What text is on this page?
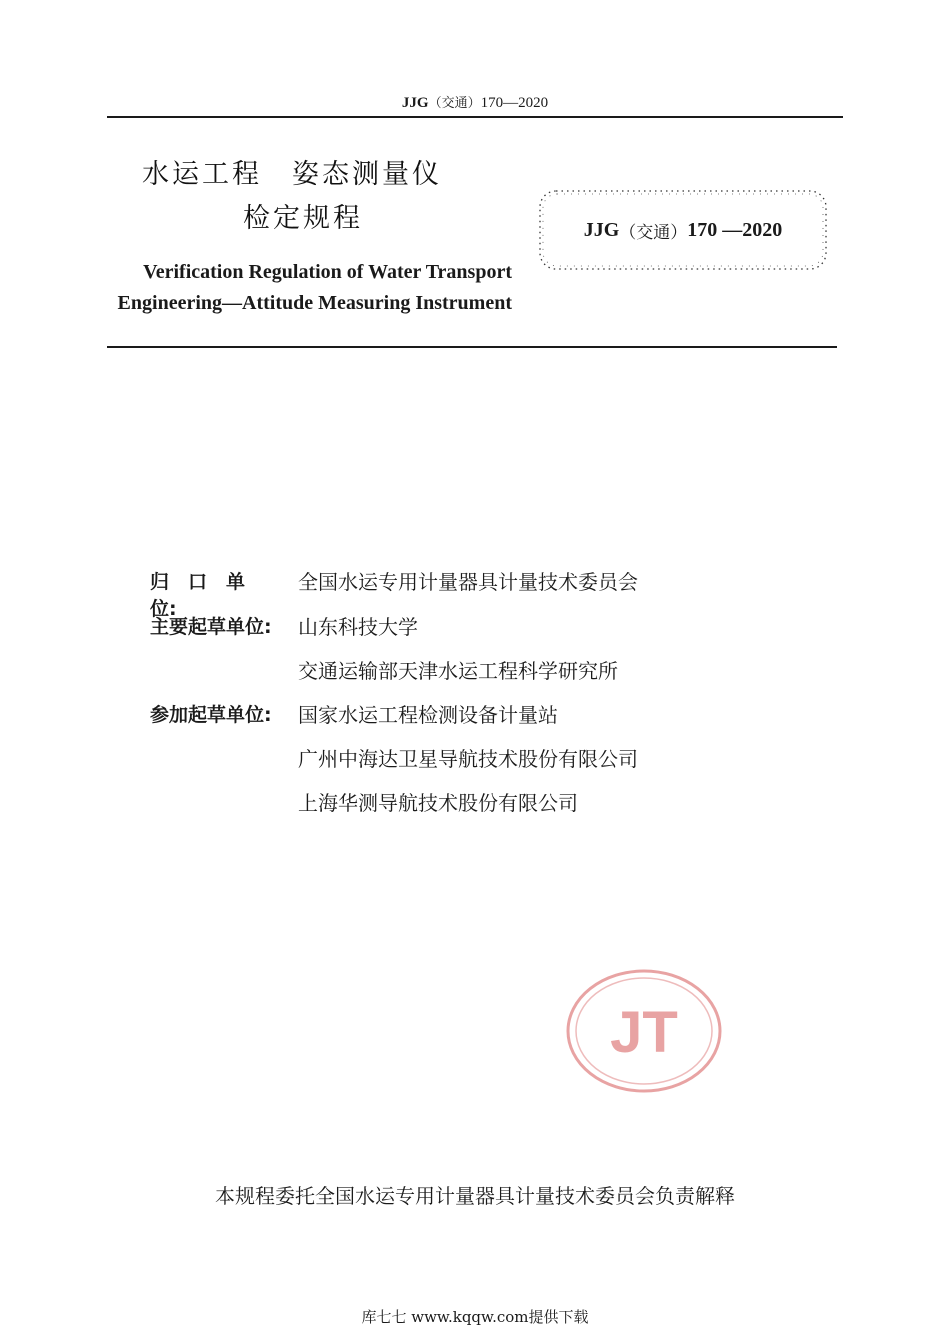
JJG（交通）170—2020
水运工程　姿态测量仪
检定规程	JJG （交通） 170 —2020
Verification Regulation of Water Transport
Engineering—Attitude Measuring Instrument
归　口　单　位:
全国水运专用计量器具计量技术委员会
主要起草单位:	山东科技大学
交通运输部天津水运工程科学研究所
参加起草单位:	国家水运工程检测设备计量站
广州中海达卫星导航技术股份有限公司
上海华测导航技术股份有限公司
JT
本规程委托全国水运专用计量器具计量技术委员会负责解释
库七七 www.kqqw.com提供下载
